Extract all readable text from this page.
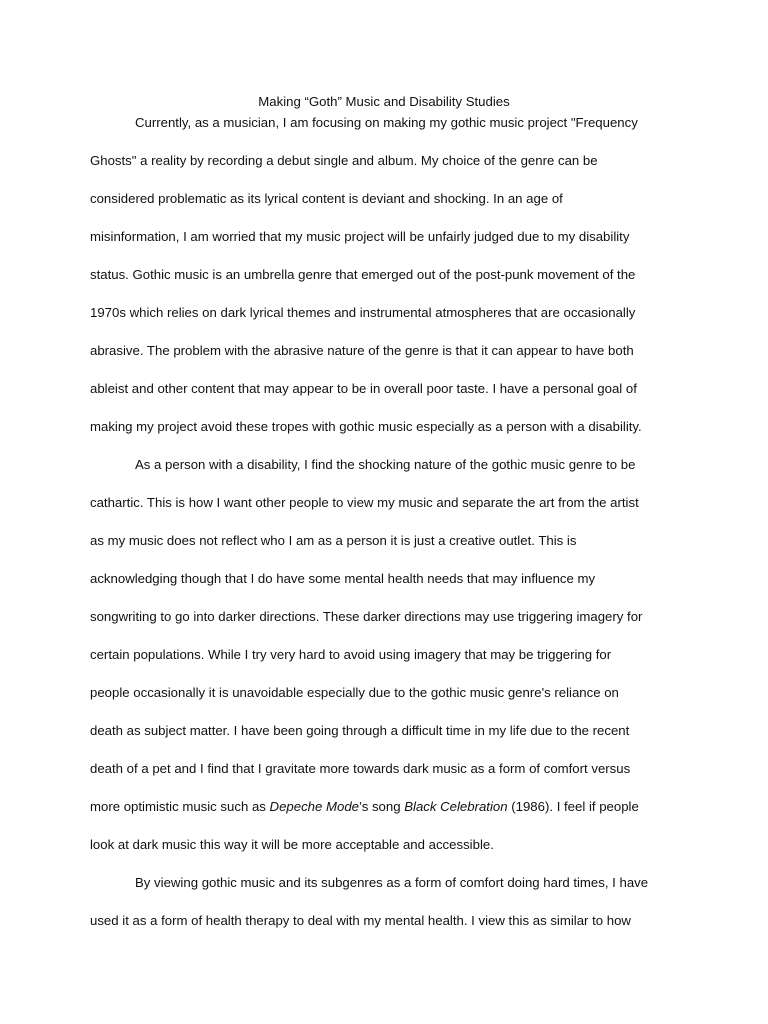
Making “Goth” Music and Disability Studies
Currently, as a musician, I am focusing on making my gothic music project "Frequency
Ghosts" a reality by recording a debut single and album. My choice of the genre can be
considered problematic as its lyrical content is deviant and shocking. In an age of
misinformation, I am worried that my music project will be unfairly judged due to my disability
status. Gothic music is an umbrella genre that emerged out of the post-punk movement of the
1970s which relies on dark lyrical themes and instrumental atmospheres that are occasionally
abrasive. The problem with the abrasive nature of the genre is that it can appear to have both
ableist and other content that may appear to be in overall poor taste. I have a personal goal of
making my project avoid these tropes with gothic music especially as a person with a disability.
As a person with a disability, I find the shocking nature of the gothic music genre to be
cathartic. This is how I want other people to view my music and separate the art from the artist
as my music does not reflect who I am as a person it is just a creative outlet. This is
acknowledging though that I do have some mental health needs that may influence my
songwriting to go into darker directions. These darker directions may use triggering imagery for
certain populations. While I try very hard to avoid using imagery that may be triggering for
people occasionally it is unavoidable especially due to the gothic music genre's reliance on
death as subject matter. I have been going through a difficult time in my life due to the recent
death of a pet and I find that I gravitate more towards dark music as a form of comfort versus
more optimistic music such as Depeche Mode’s song Black Celebration (1986). I feel if people
look at dark music this way it will be more acceptable and accessible.
By viewing gothic music and its subgenres as a form of comfort doing hard times, I have
used it as a form of health therapy to deal with my mental health. I view this as similar to how
